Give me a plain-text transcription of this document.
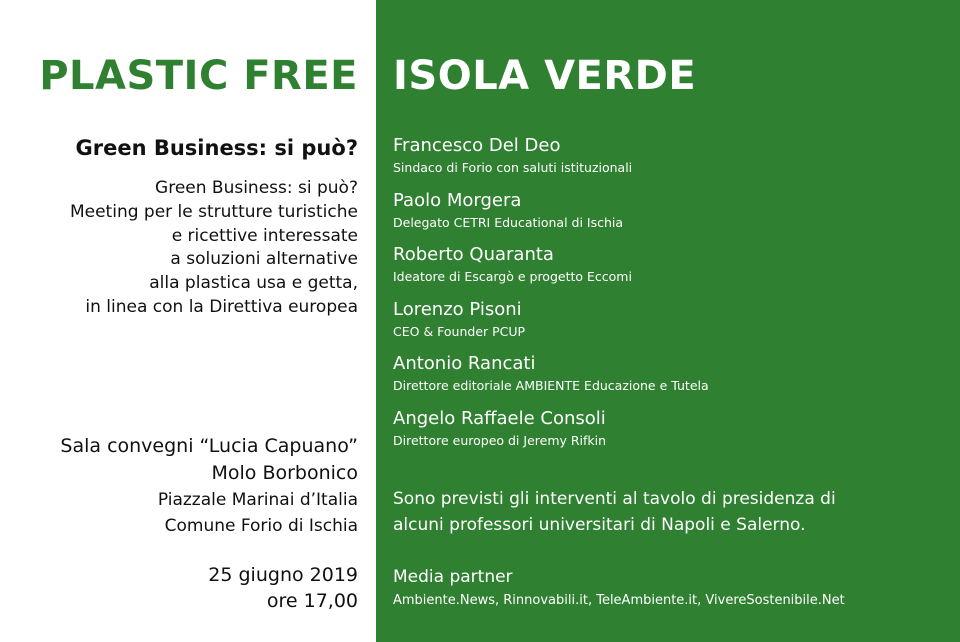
PLASTIC FREE
Green Business: si può?
Green Business: si può?
Meeting per le strutture turistiche
e ricettive interessate
a soluzioni alternative
alla plastica usa e getta,
in linea con la Direttiva europea
Sala convegni “Lucia Capuano”
Molo Borbonico
Piazzale Marinai d’Italia
Comune Forio di Ischia
25 giugno 2019
ore 17,00
ISOLA VERDE
Francesco Del Deo
Sindaco di Forio con saluti istituzionali
Paolo Morgera
Delegato CETRI Educational di Ischia
Roberto Quaranta
Ideatore di Escargò e progetto Eccomi
Lorenzo Pisoni
CEO & Founder PCUP
Antonio Rancati
Direttore editoriale AMBIENTE Educazione e Tutela
Angelo Raffaele Consoli
Direttore europeo di Jeremy Rifkin
Sono previsti gli interventi al tavolo di presidenza di
alcuni professori universitari di Napoli e Salerno.
Media partner
Ambiente.News, Rinnovabili.it, TeleAmbiente.it, VivereSostenibile.Net
